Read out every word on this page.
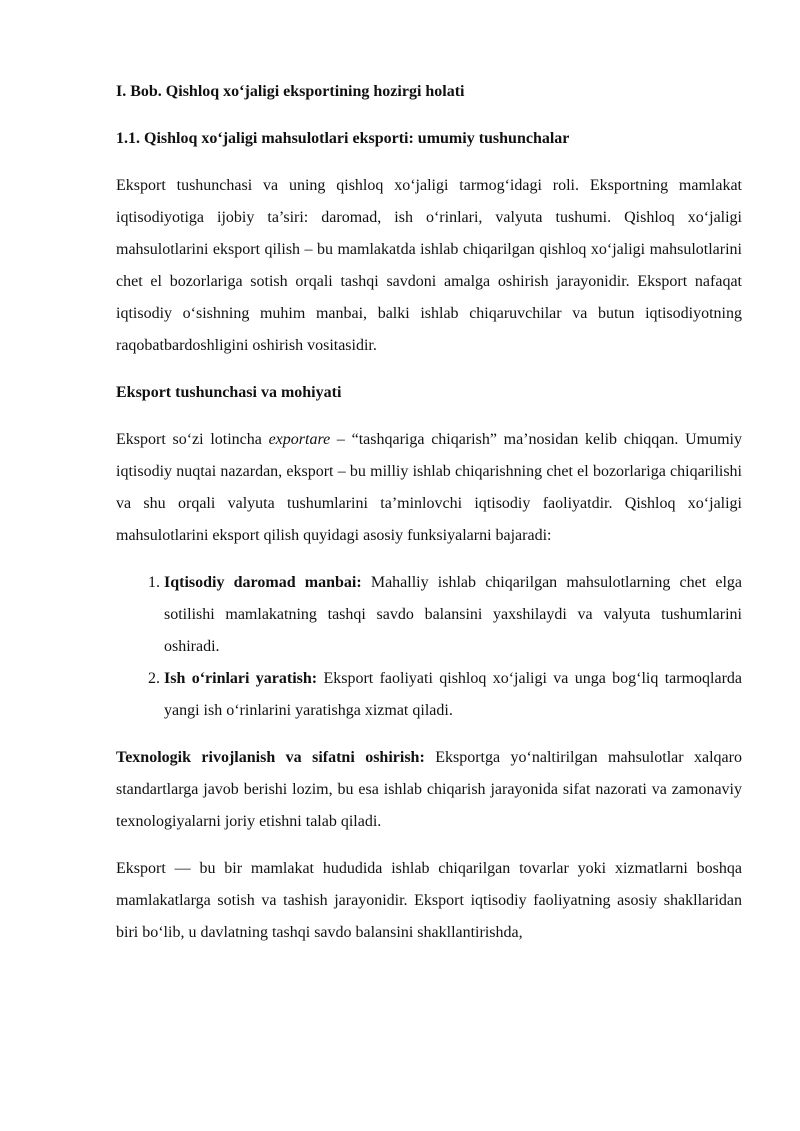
I. Bob. Qishloq xo‘jaligi eksportining hozirgi holati
1.1. Qishloq xo‘jaligi mahsulotlari eksporti: umumiy tushunchalar

Eksport tushunchasi va uning qishloq xo‘jaligi tarmog‘idagi roli. Eksportning mamlakat iqtisodiyotiga ijobiy ta’siri: daromad, ish o‘rinlari, valyuta tushumi. Qishloq xo‘jaligi mahsulotlarini eksport qilish – bu mamlakatda ishlab chiqarilgan qishloq xo‘jaligi mahsulotlarini chet el bozorlariga sotish orqali tashqi savdoni amalga oshirish jarayonidir. Eksport nafaqat iqtisodiy o‘sishning muhim manbai, balki ishlab chiqaruvchilar va butun iqtisodiyotning raqobatbardoshligini oshirish vositasidir.

Eksport tushunchasi va mohiyati

Eksport so‘zi lotincha exportare – “tashqariga chiqarish” ma’nosidan kelib chiqqan. Umumiy iqtisodiy nuqtai nazardan, eksport – bu milliy ishlab chiqarishning chet el bozorlariga chiqarilishi va shu orqali valyuta tushumlarini ta’minlovchi iqtisodiy faoliyatdir. Qishloq xo‘jaligi mahsulotlarini eksport qilish quyidagi asosiy funksiyalarni bajaradi:

1. Iqtisodiy daromad manbai: Mahalliy ishlab chiqarilgan mahsulotlarning chet elga sotilishi mamlakatning tashqi savdo balansini yaxshilaydi va valyuta tushumlarini oshiradi.
2. Ish o‘rinlari yaratish: Eksport faoliyati qishloq xo‘jaligi va unga bog‘liq tarmoqlarda yangi ish o‘rinlarini yaratishga xizmat qiladi.

Texnologik rivojlanish va sifatni oshirish: Eksportga yo‘naltirilgan mahsulotlar xalqaro standartlarga javob berishi lozim, bu esa ishlab chiqarish jarayonida sifat nazorati va zamonaviy texnologiyalarni joriy etishni talab qiladi.

Eksport — bu bir mamlakat hududida ishlab chiqarilgan tovarlar yoki xizmatlarni boshqa mamlakatlarga sotish va tashish jarayonidir. Eksport iqtisodiy faoliyatning asosiy shakllaridan biri bo‘lib, u davlatning tashqi savdo balansini shakllantirishda,
